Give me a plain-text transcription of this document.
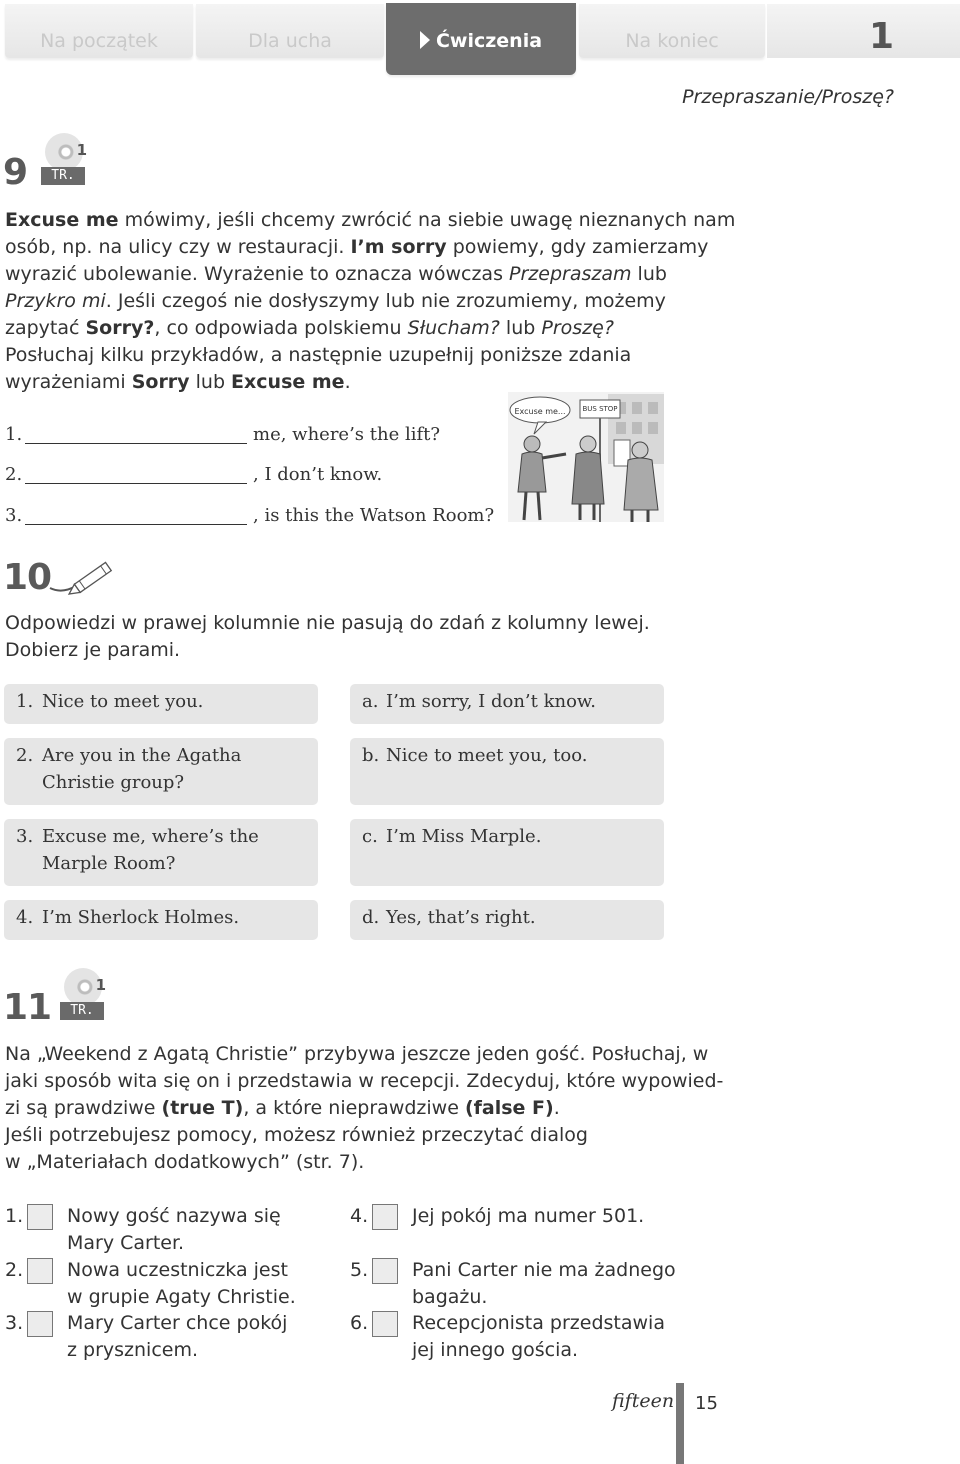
Na początek	Dla ucha	Ćwiczenia	Na koniec	1
Przepraszanie/Proszę?
9
1
TR. 06
Excuse me mówimy, jeśli chcemy zwrócić na siebie uwagę nieznanych nam
osób, np. na ulicy czy w restauracji. I’m sorry powiemy, gdy zamierzamy
wyrazić ubolewanie. Wyrażenie to oznacza wówczas Przepraszam lub
Przykro mi. Jeśli czegoś nie dosłyszymy lub nie zrozumiemy, możemy
zapytać Sorry?, co odpowiada polskiemu Słucham? lub Proszę?
Posłuchaj kilku przykładów, a następnie uzupełnij poniższe zdania
wyrażeniami Sorry lub Excuse me.
1.	me, where’s the lift?
2.	, I don’t know.
3.	, is this the Watson Room?
Excuse me... BUS STOP
10
Odpowiedzi w prawej kolumnie nie pasują do zdań z kolumny lewej.
Dobierz je parami.
1. Nice to meet you.
2. Are you in the Agatha Christie group?
3. Excuse me, where’s the Marple Room?
4. I’m Sherlock Holmes.
a. I’m sorry, I don’t know.
b. Nice to meet you, too.
c. I’m Miss Marple.
d. Yes, that’s right.
11
1
TR. 07
Na „Weekend z Agatą Christie” przybywa jeszcze jeden gość. Posłuchaj, w
jaki sposób wita się on i przedstawia w recepcji. Zdecyduj, które wypowied-
zi są prawdziwe (true T), a które nieprawdziwe (false F).
Jeśli potrzebujesz pomocy, możesz również przeczytać dialog
w „Materiałach dodatkowych” (str. 7).
1. Nowy gość nazywa się
Mary Carter.
2. Nowa uczestniczka jest
w grupie Agaty Christie.
3. Mary Carter chce pokój
z prysznicem.
4. Jej pokój ma numer 501.
5. Pani Carter nie ma żadnego
bagażu.
6. Recepcjonista przedstawia
jej innego gościa.
fifteen 15
